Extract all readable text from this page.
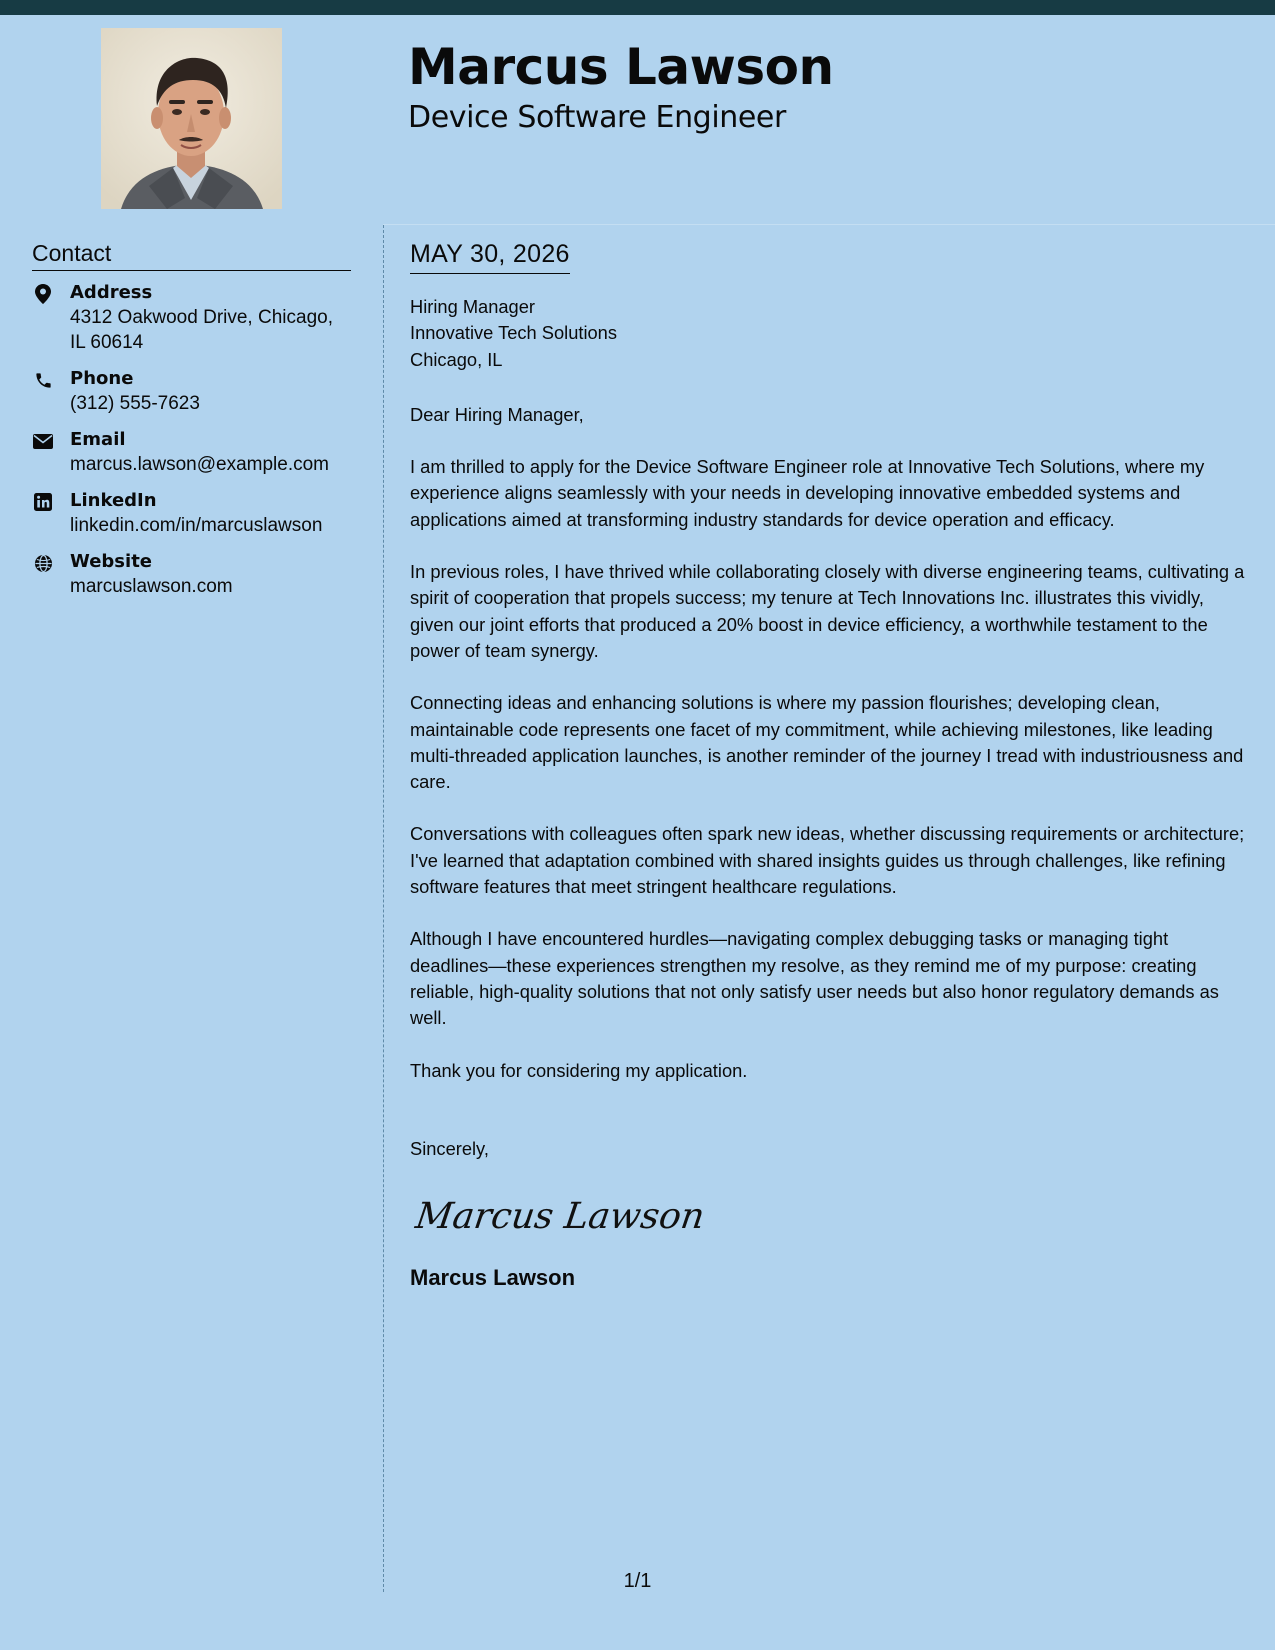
Marcus Lawson
Device Software Engineer
Contact
Address
4312 Oakwood Drive, Chicago, IL 60614
Phone
(312) 555-7623
Email
marcus.lawson@example.com
LinkedIn
linkedin.com/in/marcuslawson
Website
marcuslawson.com
MAY 30, 2026
Hiring Manager
Innovative Tech Solutions
Chicago, IL
Dear Hiring Manager,
I am thrilled to apply for the Device Software Engineer role at Innovative Tech Solutions, where my experience aligns seamlessly with your needs in developing innovative embedded systems and applications aimed at transforming industry standards for device operation and efficacy.
In previous roles, I have thrived while collaborating closely with diverse engineering teams, cultivating a spirit of cooperation that propels success; my tenure at Tech Innovations Inc. illustrates this vividly, given our joint efforts that produced a 20% boost in device efficiency, a worthwhile testament to the power of team synergy.
Connecting ideas and enhancing solutions is where my passion flourishes; developing clean, maintainable code represents one facet of my commitment, while achieving milestones, like leading multi-threaded application launches, is another reminder of the journey I tread with industriousness and care.
Conversations with colleagues often spark new ideas, whether discussing requirements or architecture; I've learned that adaptation combined with shared insights guides us through challenges, like refining software features that meet stringent healthcare regulations.
Although I have encountered hurdles—navigating complex debugging tasks or managing tight deadlines—these experiences strengthen my resolve, as they remind me of my purpose: creating reliable, high-quality solutions that not only satisfy user needs but also honor regulatory demands as well.
Thank you for considering my application.
Sincerely,
Marcus Lawson
Marcus Lawson
1/1
